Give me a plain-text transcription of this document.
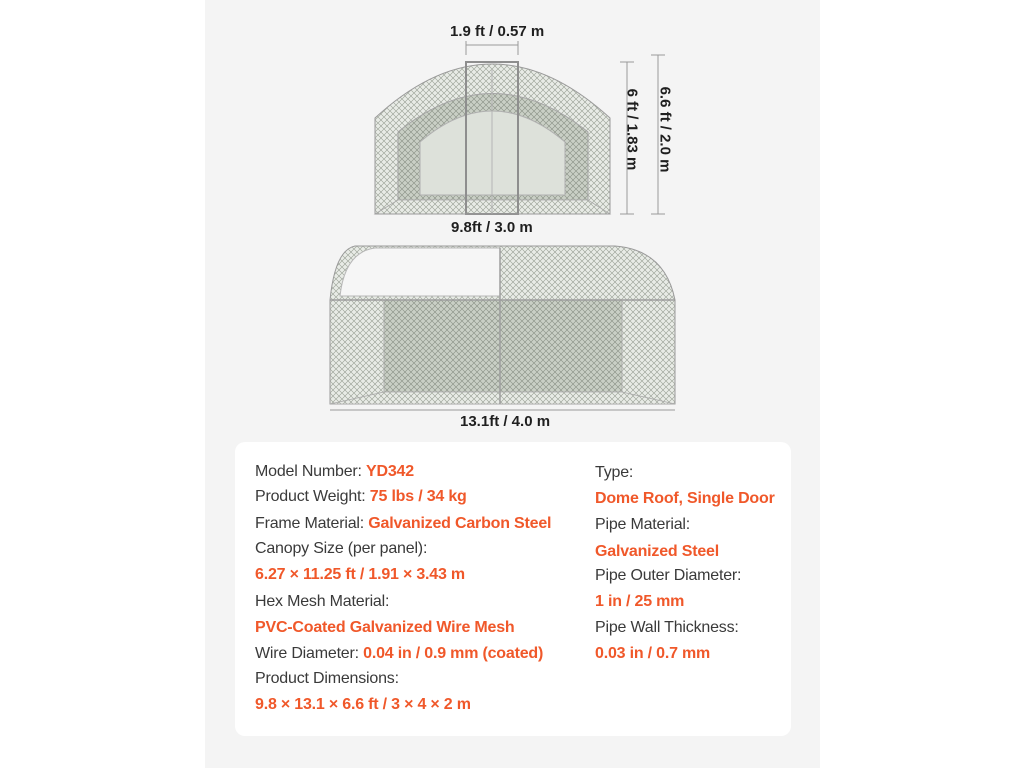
1.9 ft / 0.57 m
6 ft / 1.83 m 6.6 ft / 2.0 m
9.8ft / 3.0 m
13.1ft / 4.0 m
Model Number: YD342
Product Weight: 75 lbs / 34 kg
Frame Material: Galvanized Carbon Steel
Canopy Size (per panel):
6.27 × 11.25 ft / 1.91 × 3.43 m
Hex Mesh Material:
PVC-Coated Galvanized Wire Mesh
Wire Diameter: 0.04 in / 0.9 mm (coated)
Product Dimensions:
9.8 × 13.1 × 6.6 ft / 3 × 4 × 2 m
Type:
Dome Roof, Single Door
Pipe Material:
Galvanized Steel
Pipe Outer Diameter:
1 in / 25 mm
Pipe Wall Thickness:
0.03 in / 0.7 mm
